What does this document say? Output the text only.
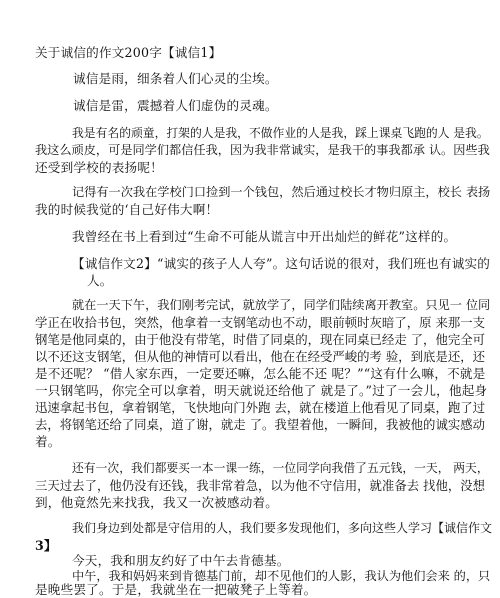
关于诚信的作文200字【诚信1】

诚信是雨，细条着人们心灵的尘埃。

诚信是雷，震撼着人们虚伪的灵魂。

我是有名的顽童，打架的人是我，不做作业的人是我，踩上课桌飞跑的人 是我。

我这么顽皮，可是同学们都信任我，因为我非常诚实，是我干的事我都承 认。因些我

还受到学校的表扬呢！

记得有一次我在学校门口捡到一个钱包，然后通过校长才物归原主，校长 表扬

我的时候我觉的‘自己好伟大啊！

我曾经在书上看到过“生命不可能从谎言中开出灿烂的鲜花”这样的。

【诚信作文2】“诚实的孩子人人夸”。这句话说的很对，我们班也有诚实的

人。

就在一天下午，我们刚考完试，就放学了，同学们陆续离开教室。只见一 位同

学正在收拾书包，突然，他拿着一支钢笔动也不动，眼前顿时灰暗了，原 来那一支

钢笔是他同桌的，由于他没有带笔，时借了同桌的，现在同桌已经走 了，他完全可

以不还这支钢笔，但从他的神情可以看出，他在在经受严峻的考 验，到底是还，还

是不还呢？ “借人家东西，一定要还嘛，怎么能不还 呢？”“这有什么嘛，不就是

一只钢笔吗，你完全可以拿着，明天就说还给他了 就是了。”过了一会儿，他起身

迅速拿起书包，拿着钢笔，飞快地向门外跑 去，就在楼道上他看见了同桌，跑了过

去，将钢笔还给了同桌，道了谢，就走 了。我望着他，一瞬间，我被他的诚实感动

着。

还有一次，我们都要买一本一课一练，一位同学向我借了五元钱，一天， 两天，

三天过去了，他仍没有还钱，我非常着急，以为他不守信用，就准备去 找他，没想

到，他竟然先来找我，我又一次被感动着。

我们身边到处都是守信用的人，我们要多发现他们，多向这些人学习【诚信作文

3】

今天，我和朋友约好了中午去肯德基。

中午，我和妈妈来到肯德基门前，却不见他们的人影，我认为他们会来 的，只

是晚些罢了。于是，我就坐在一把破凳子上等着。
